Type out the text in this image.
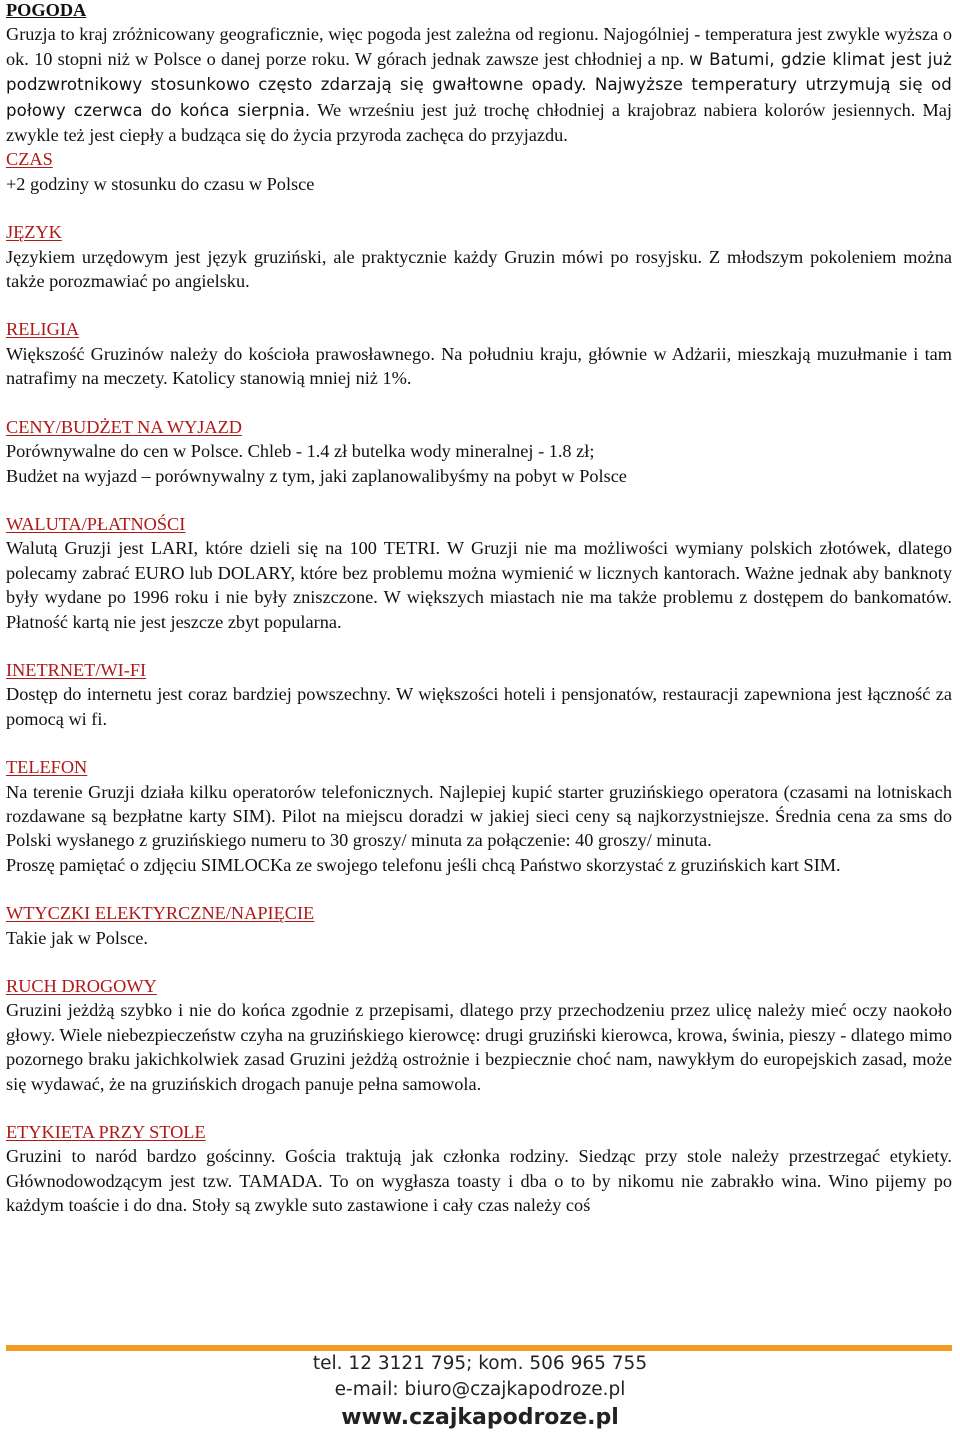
POGODA

Gruzja to kraj zróżnicowany geograficznie, więc pogoda jest zależna od regionu. Najogólniej - temperatura jest zwykle wyższa o ok. 10 stopni niż w Polsce o danej porze roku. W górach jednak zawsze jest chłodniej a np. w Batumi, gdzie klimat jest już podzwrotnikowy stosunkowo często zdarzają się gwałtowne opady. Najwyższe temperatury utrzymują się od połowy czerwca do końca sierpnia. We wrześniu jest już trochę chłodniej a krajobraz nabiera kolorów jesiennych. Maj zwykle też jest ciepły a budząca się do życia przyroda zachęca do przyjazdu.

CZAS

+2 godziny w stosunku do czasu w Polsce

JĘZYK

Językiem urzędowym jest język gruziński, ale praktycznie każdy Gruzin mówi po rosyjsku. Z młodszym pokoleniem można także porozmawiać po angielsku.

RELIGIA

Większość Gruzinów należy do kościoła prawosławnego. Na południu kraju, głównie w Adżarii, mieszkają muzułmanie i tam natrafimy na meczety. Katolicy stanowią mniej niż 1%.

CENY/BUDŻET NA WYJAZD

Porównywalne do cen w Polsce. Chleb - 1.4 zł butelka wody mineralnej - 1.8 zł;

Budżet na wyjazd – porównywalny z tym, jaki zaplanowalibyśmy na pobyt w Polsce

WALUTA/PŁATNOŚCI

Walutą Gruzji jest LARI, które dzieli się na 100 TETRI. W Gruzji nie ma możliwości wymiany polskich złotówek, dlatego polecamy zabrać EURO lub DOLARY, które bez problemu można wymienić w licznych kantorach. Ważne jednak aby banknoty były wydane po 1996 roku i nie były zniszczone. W większych miastach nie ma także problemu z dostępem do bankomatów. Płatność kartą nie jest jeszcze zbyt popularna.

INETRNET/WI-FI

Dostęp do internetu jest coraz bardziej powszechny. W większości hoteli i pensjonatów, restauracji zapewniona jest łączność za pomocą wi fi.

TELEFON

Na terenie Gruzji działa kilku operatorów telefonicznych. Najlepiej kupić starter gruzińskiego operatora (czasami na lotniskach rozdawane są bezpłatne karty SIM). Pilot na miejscu doradzi w jakiej sieci ceny są najkorzystniejsze. Średnia cena za sms do Polski wysłanego z gruzińskiego numeru to 30 groszy/ minuta za połączenie: 40 groszy/ minuta.

Proszę pamiętać o zdjęciu SIMLOCKa ze swojego telefonu jeśli chcą Państwo skorzystać z gruzińskich kart SIM.

WTYCZKI ELEKTYRCZNE/NAPIĘCIE

Takie jak w Polsce.

RUCH DROGOWY

Gruzini jeżdżą szybko i nie do końca zgodnie z przepisami, dlatego przy przechodzeniu przez ulicę należy mieć oczy naokoło głowy. Wiele niebezpieczeństw czyha na gruzińskiego kierowcę: drugi gruziński kierowca, krowa, świnia, pieszy - dlatego mimo pozornego braku jakichkolwiek zasad Gruzini jeżdżą ostrożnie i bezpiecznie choć nam, nawykłym do europejskich zasad, może się wydawać, że na gruzińskich drogach panuje pełna samowola.

ETYKIETA PRZY STOLE

Gruzini to naród bardzo gościnny. Gościa traktują jak członka rodziny. Siedząc przy stole należy przestrzegać etykiety. Głównodowodzącym jest tzw. TAMADA. To on wygłasza toasty i dba o to by nikomu nie zabrakło wina. Wino pijemy po każdym toaście i do dna. Stoły są zwykle suto zastawione i cały czas należy coś

tel. 12 3121 795; kom. 506 965 755
e-mail: biuro@czajkapodroze.pl
www.czajkapodroze.pl
